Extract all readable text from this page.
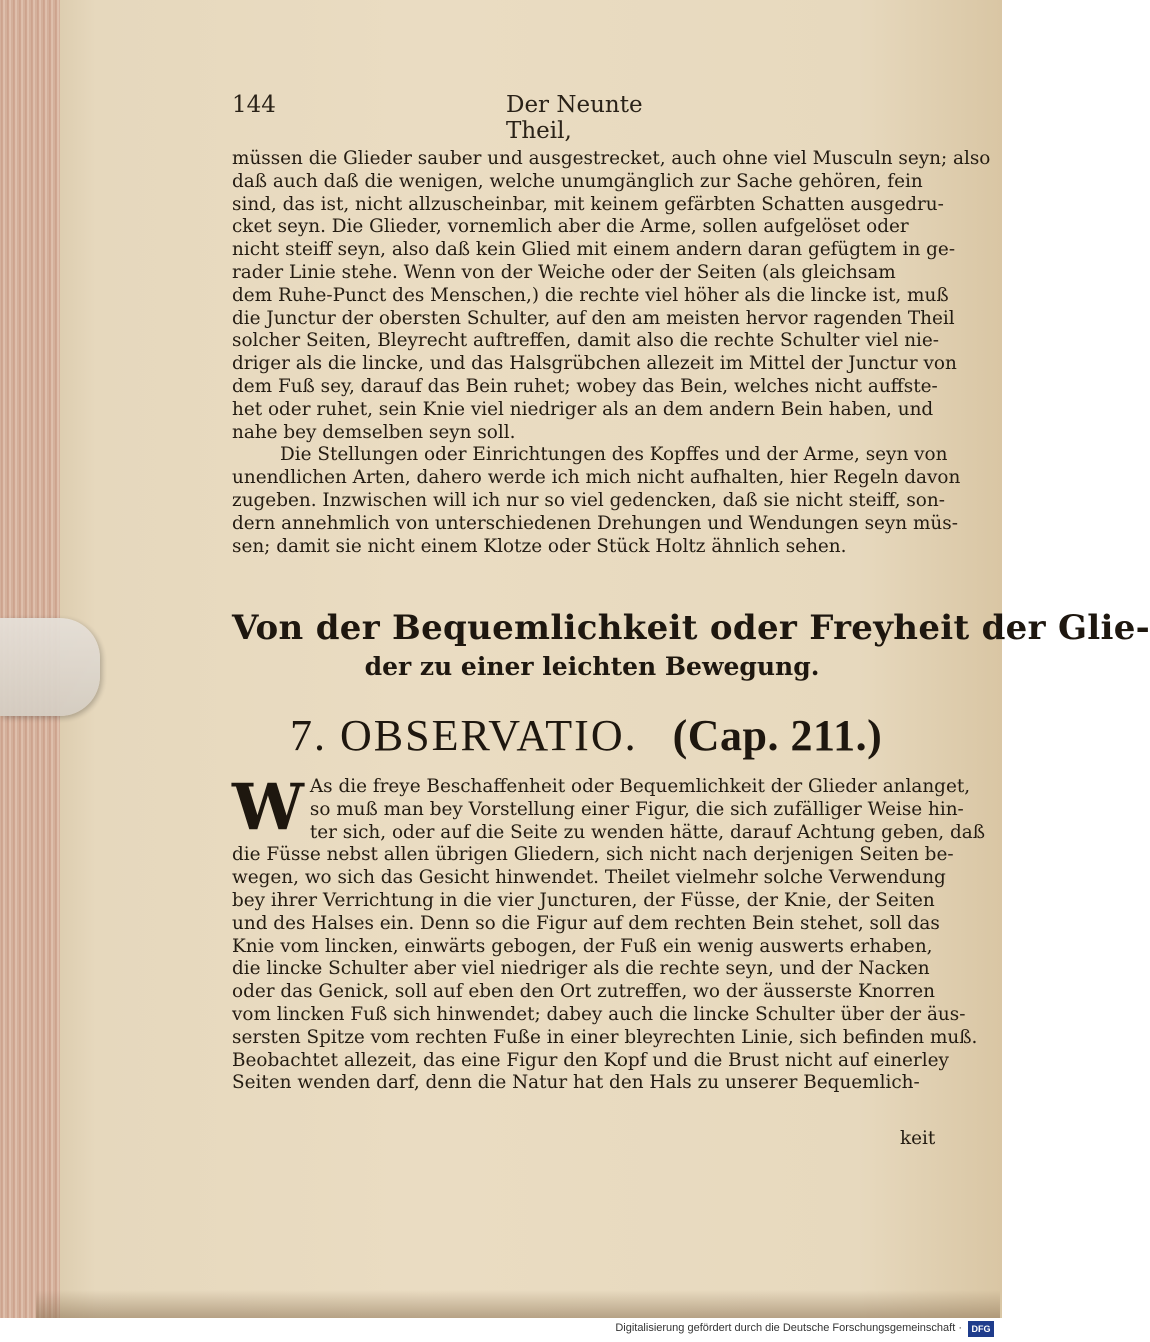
144	Der Neunte Theil,
müssen die Glieder sauber und ausgestrecket, auch ohne viel Musculn seyn; also
daß auch daß die wenigen, welche unumgänglich zur Sache gehören, fein
sind, das ist, nicht allzuscheinbar, mit keinem gefärbten Schatten ausgedru-
cket seyn. Die Glieder, vornemlich aber die Arme, sollen aufgelöset oder
nicht steiff seyn, also daß kein Glied mit einem andern daran gefügtem in ge-
rader Linie stehe. Wenn von der Weiche oder der Seiten (als gleichsam
dem Ruhe-Punct des Menschen,) die rechte viel höher als die lincke ist, muß
die Junctur der obersten Schulter, auf den am meisten hervor ragenden Theil
solcher Seiten, Bleyrecht auftreffen, damit also die rechte Schulter viel nie-
driger als die lincke, und das Halsgrübchen allezeit im Mittel der Junctur von
dem Fuß sey, darauf das Bein ruhet; wobey das Bein, welches nicht auffste-
het oder ruhet, sein Knie viel niedriger als an dem andern Bein haben, und
nahe bey demselben seyn soll.
Die Stellungen oder Einrichtungen des Kopffes und der Arme, seyn von
unendlichen Arten, dahero werde ich mich nicht aufhalten, hier Regeln davon
zugeben. Inzwischen will ich nur so viel gedencken, daß sie nicht steiff, son-
dern annehmlich von unterschiedenen Drehungen und Wendungen seyn müs-
sen; damit sie nicht einem Klotze oder Stück Holtz ähnlich sehen.
Von der Bequemlichkeit oder Freyheit der Glie-
der zu einer leichten Bewegung.
7. OBSERVATIO. (Cap. 211.)
W As die freye Beschaffenheit oder Bequemlichkeit der Glieder anlanget,
so muß man bey Vorstellung einer Figur, die sich zufälliger Weise hin-
ter sich, oder auf die Seite zu wenden hätte, darauf Achtung geben, daß
die Füsse nebst allen übrigen Gliedern, sich nicht nach derjenigen Seiten be-
wegen, wo sich das Gesicht hinwendet. Theilet vielmehr solche Verwendung
bey ihrer Verrichtung in die vier Juncturen, der Füsse, der Knie, der Seiten
und des Halses ein. Denn so die Figur auf dem rechten Bein stehet, soll das
Knie vom lincken, einwärts gebogen, der Fuß ein wenig auswerts erhaben,
die lincke Schulter aber viel niedriger als die rechte seyn, und der Nacken
oder das Genick, soll auf eben den Ort zutreffen, wo der äusserste Knorren
vom lincken Fuß sich hinwendet; dabey auch die lincke Schulter über der äus-
sersten Spitze vom rechten Fuße in einer bleyrechten Linie, sich befinden muß.
Beobachtet allezeit, das eine Figur den Kopf und die Brust nicht auf einerley
Seiten wenden darf, denn die Natur hat den Hals zu unserer Bequemlich-
keit
Digitalisierung gefördert durch die Deutsche Forschungsgemeinschaft ·	DFG
